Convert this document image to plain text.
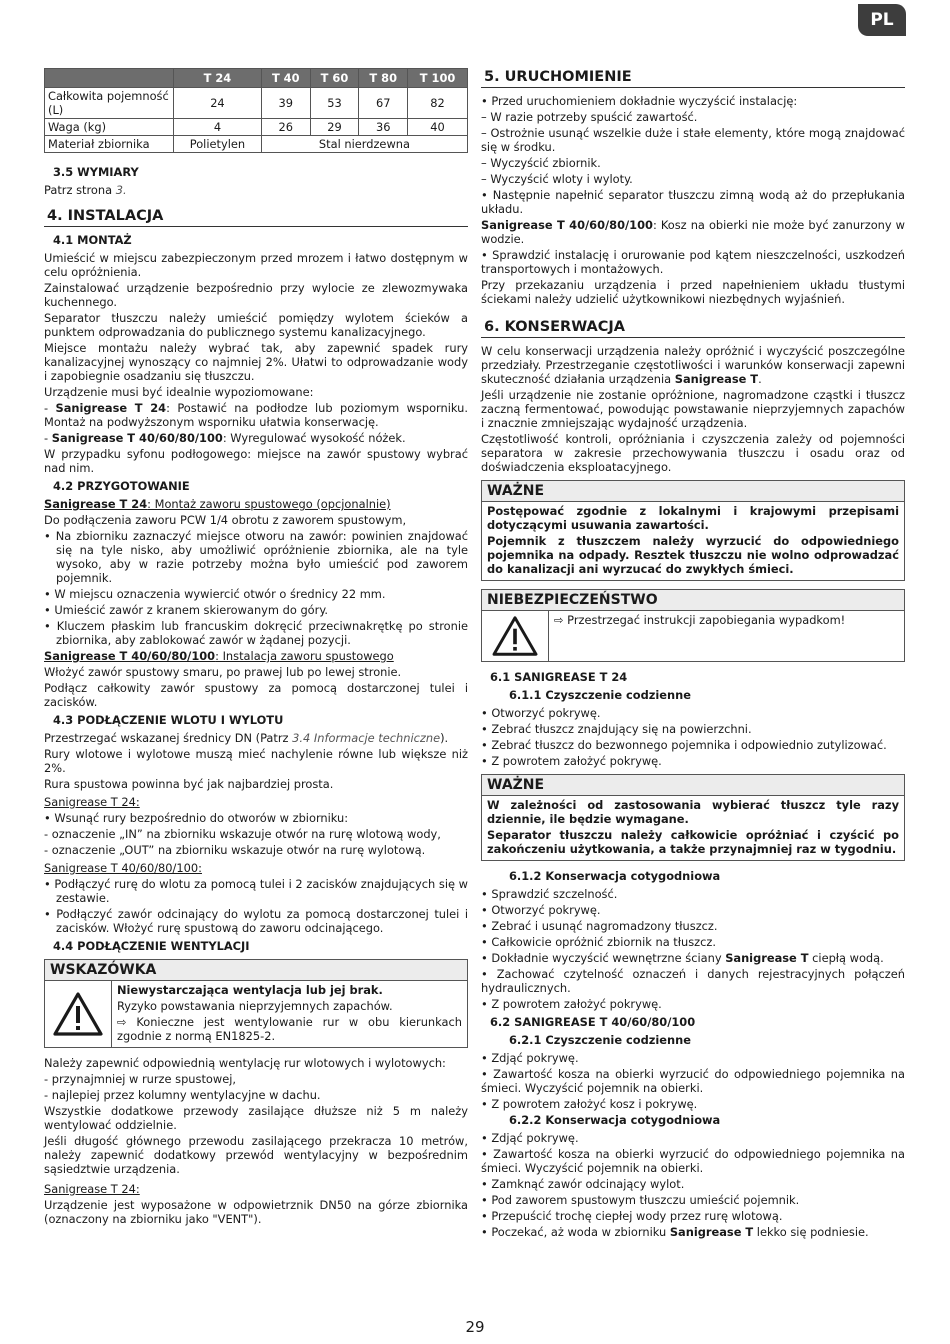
PL
	T 24	T 40	T 60	T 80	T 100
Całkowita pojemność (L)	24	39	53	67	82
Waga (kg)	4	26	29	36	40
Materiał zbiornika	Polietylen	Stal nierdzewna			
3.5 WYMIARY

Patrz strona 3.

4. INSTALACJA
4.1 MONTAŻ

Umieścić w miejscu zabezpieczonym przed mrozem i łatwo dostępnym w celu opróżnienia.

Zainstalować urządzenie bezpośrednio przy wylocie ze zlewozmywaka kuchennego.

Separator tłuszczu należy umieścić pomiędzy wylotem ścieków a punktem odprowadzania do publicznego systemu kanalizacyjnego.

Miejsce montażu należy wybrać tak, aby zapewnić spadek rury kanalizacyjnej wynoszący co najmniej 2%. Ułatwi to odprowadzanie wody i zapobiegnie osadzaniu się tłuszczu.

Urządzenie musi być idealnie wypoziomowane:

- Sanigrease T 24: Postawić na podłodze lub poziomym wsporniku. Montaż na podwyższonym wsporniku ułatwia konserwację.

- Sanigrease T 40/60/80/100: Wyregulować wysokość nóżek.

W przypadku syfonu podłogowego: miejsce na zawór spustowy wybrać nad nim.

4.2 PRZYGOTOWANIE

Sanigrease T 24: Montaż zaworu spustowego (opcjonalnie)

Do podłączenia zaworu PCW 1/4 obrotu z zaworem spustowym,

• Na zbiorniku zaznaczyć miejsce otworu na zawór: powinien znajdować się na tyle nisko, aby umożliwić opróżnienie zbiornika, ale na tyle wysoko, aby w razie potrzeby można było umieścić pod zaworem pojemnik.

• W miejscu oznaczenia wywiercić otwór o średnicy 22 mm.

• Umieścić zawór z kranem skierowanym do góry.

• Kluczem płaskim lub francuskim dokręcić przeciwnakrętkę po stronie zbiornika, aby zablokować zawór w żądanej pozycji.

Sanigrease T 40/60/80/100: Instalacja zaworu spustowego

Włożyć zawór spustowy smaru, po prawej lub po lewej stronie.

Podłącz całkowity zawór spustowy za pomocą dostarczonej tulei i zacisków.

4.3 PODŁĄCZENIE WLOTU I WYLOTU

Przestrzegać wskazanej średnicy DN (Patrz 3.4 Informacje techniczne).

Rury wlotowe i wylotowe muszą mieć nachylenie równe lub większe niż 2%.

Rura spustowa powinna być jak najbardziej prosta.

Sanigrease T 24:

• Wsunąć rury bezpośrednio do otworów w zbiorniku:

- oznaczenie „IN” na zbiorniku wskazuje otwór na rurę wlotową wody,

- oznaczenie „OUT” na zbiorniku wskazuje otwór na rurę wylotową.

Sanigrease T 40/60/80/100:

• Podłączyć rurę do wlotu za pomocą tulei i 2 zacisków znajdujących się w zestawie.

• Podłączyć zawór odcinający do wylotu za pomocą dostarczonej tulei i zacisków. Włożyć rurę spustową do zaworu odcinającego.

4.4 PODŁĄCZENIE WENTYLACJI
WSKAZÓWKA

Niewystarczająca wentylacja lub jej brak.

Ryzyko powstawania nieprzyjemnych zapachów.

⇨ Konieczne jest wentylowanie rur w obu kierunkach zgodnie z normą EN1825-2.

Należy zapewnić odpowiednią wentylację rur wlotowych i wylotowych:

- przynajmniej w rurze spustowej,

- najlepiej przez kolumny wentylacyjne w dachu.

Wszystkie dodatkowe przewody zasilające dłuższe niż 5 m należy wentylować oddzielnie.

Jeśli długość głównego przewodu zasilającego przekracza 10 metrów, należy zapewnić dodatkowy przewód wentylacyjny w bezpośrednim sąsiedztwie urządzenia.

Sanigrease T 24:

Urządzenie jest wyposażone w odpowietrznik DN50 na górze zbiornika (oznaczony na zbiorniku jako "VENT").

5. URUCHOMIENIE

• Przed uruchomieniem dokładnie wyczyścić instalację:

– W razie potrzeby spuścić zawartość.

– Ostrożnie usunąć wszelkie duże i stałe elementy, które mogą znajdować się w środku.

– Wyczyścić zbiornik.

– Wyczyścić wloty i wyloty.

• Następnie napełnić separator tłuszczu zimną wodą aż do przepłukania układu.

Sanigrease T 40/60/80/100: Kosz na obierki nie może być zanurzony w wodzie.

• Sprawdzić instalację i orurowanie pod kątem nieszczelności, uszkodzeń transportowych i montażowych.

Przy przekazaniu urządzenia i przed napełnieniem układu tłustymi ściekami należy udzielić użytkownikowi niezbędnych wyjaśnień.

6. KONSERWACJA

W celu konserwacji urządzenia należy opróżnić i wyczyścić poszczególne przedziały. Przestrzeganie częstotliwości i warunków konserwacji zapewni skuteczność działania urządzenia Sanigrease T.

Jeśli urządzenie nie zostanie opróżnione, nagromadzone cząstki i tłuszcz zaczną fermentować, powodując powstawanie nieprzyjemnych zapachów i znacznie zmniejszając wydajność urządzenia.

Częstotliwość kontroli, opróżniania i czyszczenia zależy od pojemności separatora w zakresie przechowywania tłuszczu i osadu oraz od doświadczenia eksploatacyjnego.

WAŻNE

Postępować zgodnie z lokalnymi i krajowymi przepisami dotyczącymi usuwania zawartości.

Pojemnik z tłuszczem należy wyrzucić do odpowiedniego pojemnika na odpady. Resztek tłuszczu nie wolno odprowadzać do kanalizacji ani wyrzucać do zwykłych śmieci.

NIEBEZPIECZEŃSTWO

⇨ Przestrzegać instrukcji zapobiegania wypadkom!

6.1 SANIGREASE T 24
6.1.1 Czyszczenie codzienne

• Otworzyć pokrywę.

• Zebrać tłuszcz znajdujący się na powierzchni.

• Zebrać tłuszcz do bezwonnego pojemnika i odpowiednio zutylizować.

• Z powrotem założyć pokrywę.

WAŻNE

W zależności od zastosowania wybierać tłuszcz tyle razy dziennie, ile będzie wymagane.

Separator tłuszczu należy całkowicie opróżniać i czyścić po zakończeniu użytkowania, a także przynajmniej raz w tygodniu.

6.1.2 Konserwacja cotygodniowa

• Sprawdzić szczelność.

• Otworzyć pokrywę.

• Zebrać i usunąć nagromadzony tłuszcz.

• Całkowicie opróżnić zbiornik na tłuszcz.

• Dokładnie wyczyścić wewnętrzne ściany Sanigrease T ciepłą wodą.

• Zachować czytelność oznaczeń i danych rejestracyjnych połączeń hydraulicznych.

• Z powrotem założyć pokrywę.

6.2 SANIGREASE T 40/60/80/100
6.2.1 Czyszczenie codzienne

• Zdjąć pokrywę.

• Zawartość kosza na obierki wyrzucić do odpowiedniego pojemnika na śmieci. Wyczyścić pojemnik na obierki.

• Z powrotem założyć kosz i pokrywę.

6.2.2 Konserwacja cotygodniowa

• Zdjąć pokrywę.

• Zawartość kosza na obierki wyrzucić do odpowiedniego pojemnika na śmieci. Wyczyścić pojemnik na obierki.

• Zamknąć zawór odcinający wylot.

• Pod zaworem spustowym tłuszczu umieścić pojemnik.

• Przepuścić trochę ciepłej wody przez rurę wlotową.

• Poczekać, aż woda w zbiorniku Sanigrease T lekko się podniesie.

29
